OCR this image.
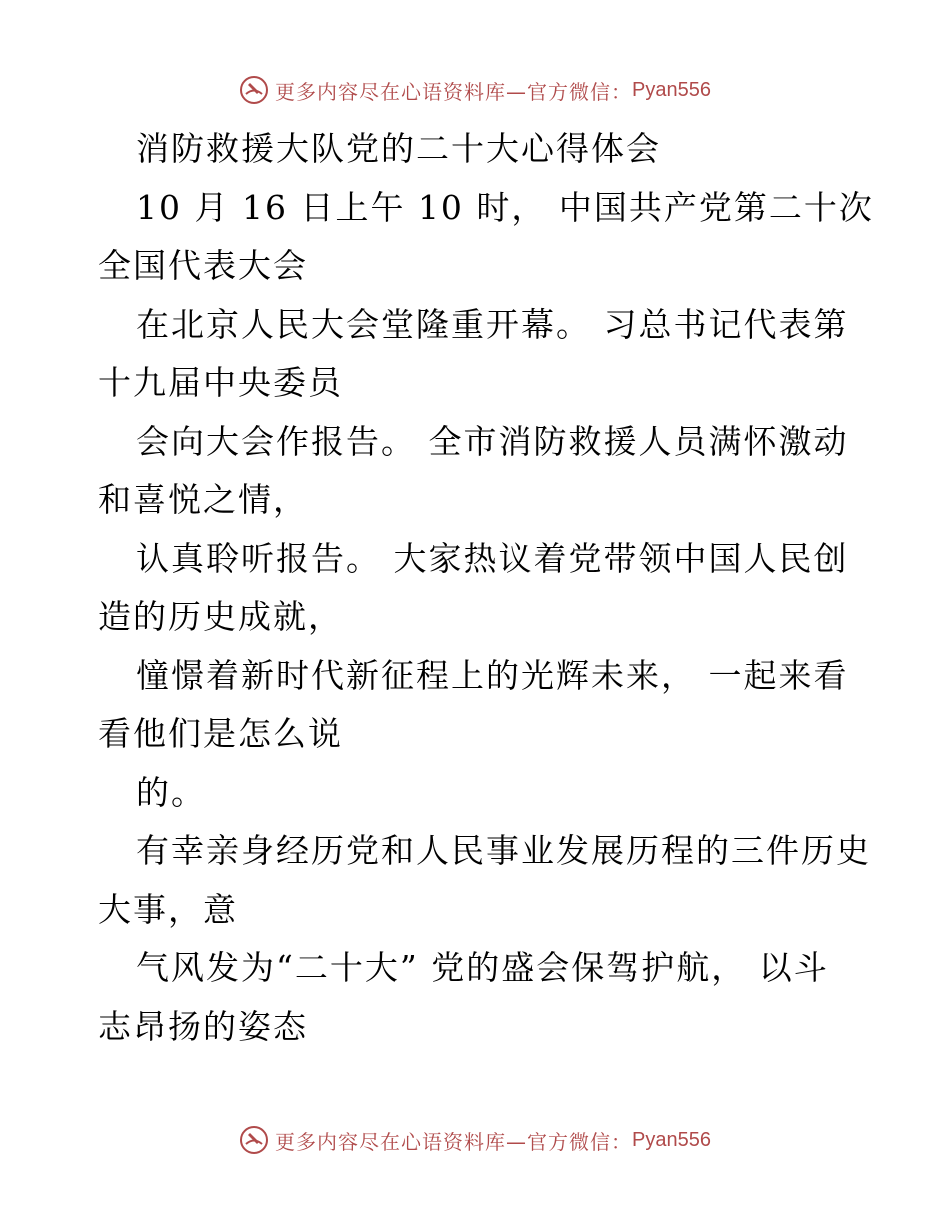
更多内容尽在心语资料库—官方微信： Pyan556
消防救援大队党的二十大心得体会
10 月 16 日上午 10 时， 中国共产党第二十次
全国代表大会
在北京人民大会堂隆重开幕。 习总书记代表第
十九届中央委员
会向大会作报告。 全市消防救援人员满怀激动
和喜悦之情，
认真聆听报告。 大家热议着党带领中国人民创
造的历史成就，
憧憬着新时代新征程上的光辉未来， 一起来看
看他们是怎么说
的。
有幸亲身经历党和人民事业发展历程的三件历史
大事，意
气风发为“二十大” 党的盛会保驾护航， 以斗
志昂扬的姿态
更多内容尽在心语资料库—官方微信： Pyan556
